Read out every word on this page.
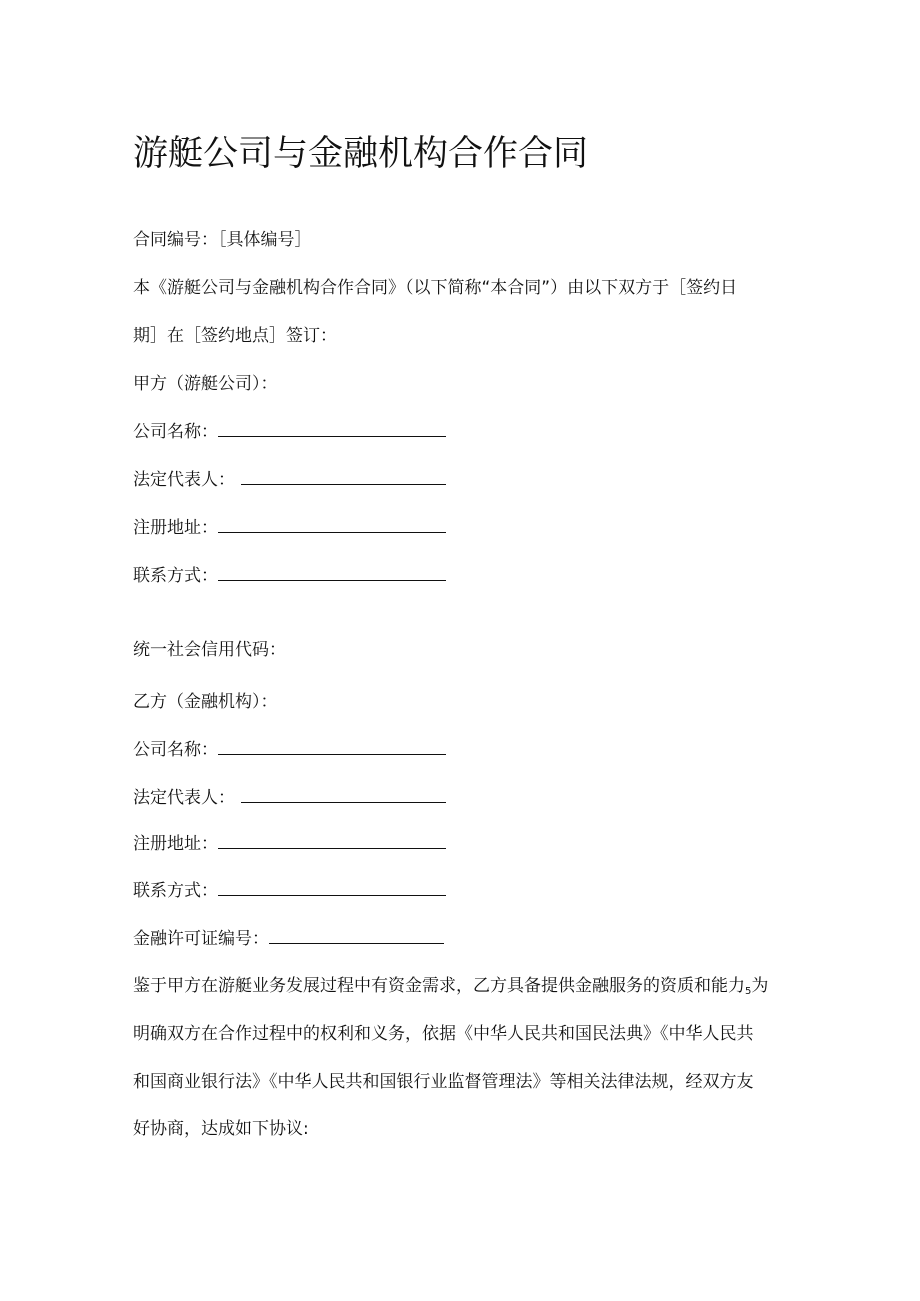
游艇公司与金融机构合作合同
合同编号：［具体编号］
本《游艇公司与金融机构合作合同》（以下简称“本合同”）由以下双方于［签约日
期］在［签约地点］签订：
甲方（游艇公司）：
公司名称：
法定代表人：
注册地址：
联系方式：
统一社会信用代码：
乙方（金融机构）：
公司名称：
法定代表人：
注册地址：
联系方式：
金融许可证编号：
鉴于甲方在游艇业务发展过程中有资金需求，乙方具备提供金融服务的资质和能力5为
明确双方在合作过程中的权利和义务，依据《中华人民共和国民法典》《中华人民共
和国商业银行法》《中华人民共和国银行业监督管理法》等相关法律法规，经双方友
好协商，达成如下协议:
